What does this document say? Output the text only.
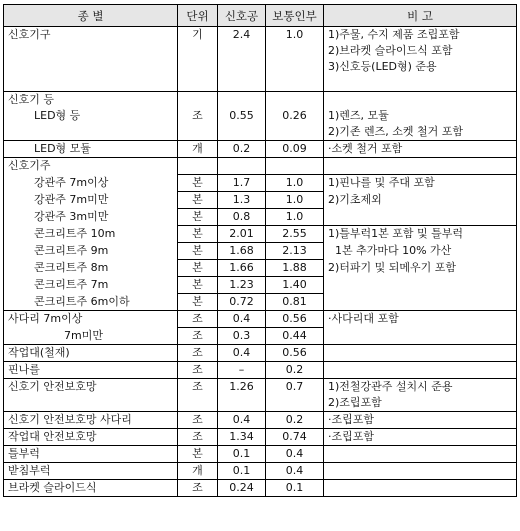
종 별	단위	신호공	보통인부	비 고
신호기구	기	2.4	1.0	1)주물, 수지 제품 조립포함
				2)브라켓 슬라이드식 포함
				3)신호등(LED형) 준용

신호기 등				
LED형 등	조	0.55	0.26	1)렌즈, 모듈
				2)기존 렌즈, 소켓 철거 포함
LED형 모듈	개	0.2	0.09	·소켓 철거 포함
신호기주				
강관주 7m이상	본	1.7	1.0	1)핀나를 및 주대 포함
강관주 7m미만	본	1.3	1.0	2)기초제외
강관주 3m미만	본	0.8	1.0	
콘크리트주 10m	본	2.01	2.55	1)틀부럭1본 포함 및 틀부럭
콘크리트주 9m	본	1.68	2.13	1본 추가마다 10% 가산
콘크리트주 8m	본	1.66	1.88	2)터파기 및 되메우기 포함
콘크리트주 7m	본	1.23	1.40	
콘크리트주 6m이하	본	0.72	0.81	
사다리 7m이상	조	0.4	0.56	·사다리대 포함
7m미만	조	0.3	0.44	
작업대(철재)	조	0.4	0.56	
핀나를	조	–	0.2	
신호기 안전보호망	조	1.26	0.7	1)전철강관주 설치시 준용
				2)조립포함
신호기 안전보호망 사다리	조	0.4	0.2	·조립포함
작업대 안전보호망	조	1.34	0.74	·조립포함
틀부럭	본	0.1	0.4	
받침부럭	개	0.1	0.4	
브라켓 슬라이드식	조	0.24	0.1	
